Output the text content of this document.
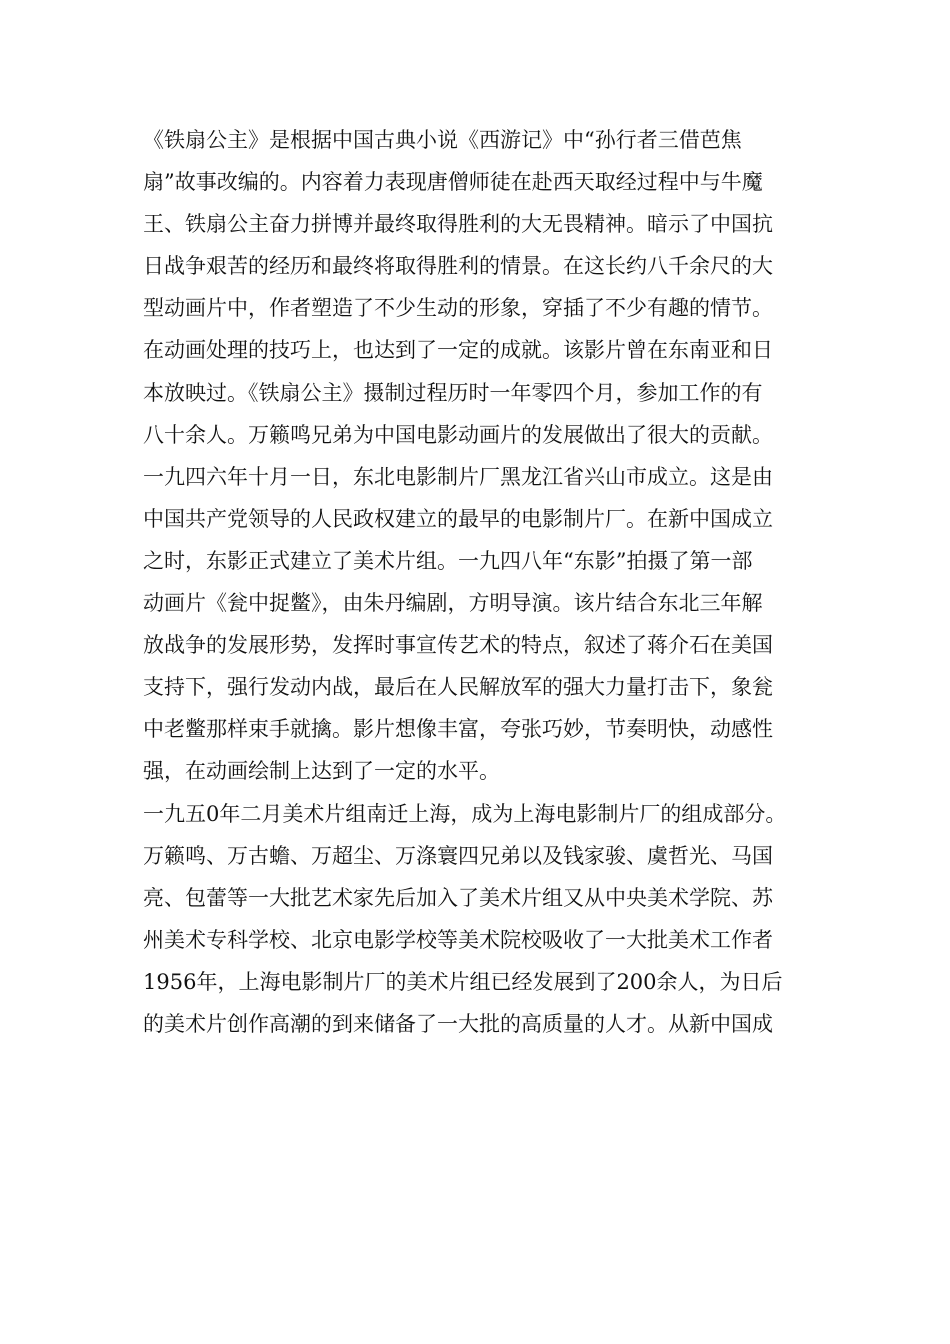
《铁扇公主》是根据中国古典小说《西游记》中“孙行者三借芭焦
扇”故事改编的。内容着力表现唐僧师徒在赴西天取经过程中与牛魔
王、铁扇公主奋力拼博并最终取得胜利的大无畏精神。暗示了中国抗
日战争艰苦的经历和最终将取得胜利的情景。在这长约八千余尺的大
型动画片中，作者塑造了不少生动的形象，穿插了不少有趣的情节。
在动画处理的技巧上，也达到了一定的成就。该影片曾在东南亚和日
本放映过。《铁扇公主》摄制过程历时一年零四个月，参加工作的有
八十余人。万籁鸣兄弟为中国电影动画片的发展做出了很大的贡献。
一九四六年十月一日，东北电影制片厂黑龙江省兴山市成立。这是由
中国共产党领导的人民政权建立的最早的电影制片厂。在新中国成立
之时，东影正式建立了美术片组。一九四八年“东影”拍摄了第一部
动画片《瓮中捉鳖》，由朱丹编剧，方明导演。该片结合东北三年解
放战争的发展形势，发挥时事宣传艺术的特点，叙述了蒋介石在美国
支持下，强行发动内战，最后在人民解放军的强大力量打击下，象瓮
中老鳖那样束手就擒。影片想像丰富，夸张巧妙，节奏明快，动感性
强，在动画绘制上达到了一定的水平。
一九五0年二月美术片组南迁上海，成为上海电影制片厂的组成部分。
万籁鸣、万古蟾、万超尘、万涤寰四兄弟以及钱家骏、虞哲光、马国
亮、包蕾等一大批艺术家先后加入了美术片组又从中央美术学院、苏
州美术专科学校、北京电影学校等美术院校吸收了一大批美术工作者
1956年，上海电影制片厂的美术片组已经发展到了200余人，为日后
的美术片创作高潮的到来储备了一大批的高质量的人才。从新中国成
